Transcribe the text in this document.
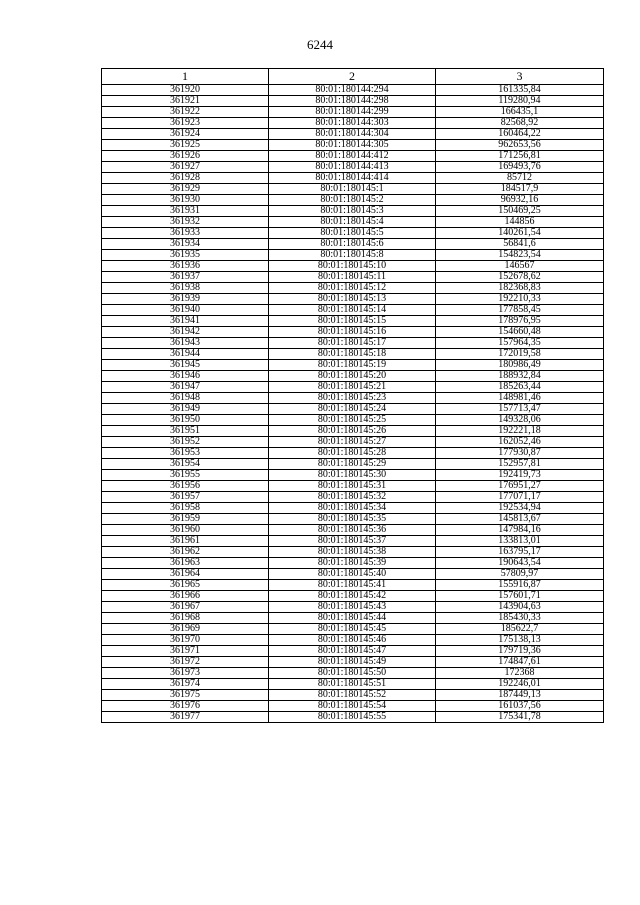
6244
1	2	3
361920	80:01:180144:294	161335,84
361921	80:01:180144:298	119280,94
361922	80:01:180144:299	166435,1
361923	80:01:180144:303	82568,92
361924	80:01:180144:304	160464,22
361925	80:01:180144:305	962653,56
361926	80:01:180144:412	171256,81
361927	80:01:180144:413	169493,76
361928	80:01:180144:414	85712
361929	80:01:180145:1	184517,9
361930	80:01:180145:2	96932,16
361931	80:01:180145:3	150469,25
361932	80:01:180145:4	144856
361933	80:01:180145:5	140261,54
361934	80:01:180145:6	56841,6
361935	80:01:180145:8	154823,54
361936	80:01:180145:10	146567
361937	80:01:180145:11	152678,62
361938	80:01:180145:12	182368,83
361939	80:01:180145:13	192210,33
361940	80:01:180145:14	177858,45
361941	80:01:180145:15	178976,95
361942	80:01:180145:16	154660,48
361943	80:01:180145:17	157964,35
361944	80:01:180145:18	172019,58
361945	80:01:180145:19	180986,49
361946	80:01:180145:20	188932,84
361947	80:01:180145:21	185263,44
361948	80:01:180145:23	148981,46
361949	80:01:180145:24	157713,47
361950	80:01:180145:25	149328,06
361951	80:01:180145:26	192221,18
361952	80:01:180145:27	162052,46
361953	80:01:180145:28	177930,87
361954	80:01:180145:29	152957,81
361955	80:01:180145:30	192419,73
361956	80:01:180145:31	176951,27
361957	80:01:180145:32	177071,17
361958	80:01:180145:34	192534,94
361959	80:01:180145:35	145813,67
361960	80:01:180145:36	147984,16
361961	80:01:180145:37	133813,01
361962	80:01:180145:38	163795,17
361963	80:01:180145:39	190643,54
361964	80:01:180145:40	57809,97
361965	80:01:180145:41	155916,87
361966	80:01:180145:42	157601,71
361967	80:01:180145:43	143904,63
361968	80:01:180145:44	185430,33
361969	80:01:180145:45	185622,7
361970	80:01:180145:46	175138,13
361971	80:01:180145:47	179719,36
361972	80:01:180145:49	174847,61
361973	80:01:180145:50	172368
361974	80:01:180145:51	192246,01
361975	80:01:180145:52	187449,13
361976	80:01:180145:54	161037,56
361977	80:01:180145:55	175341,78
